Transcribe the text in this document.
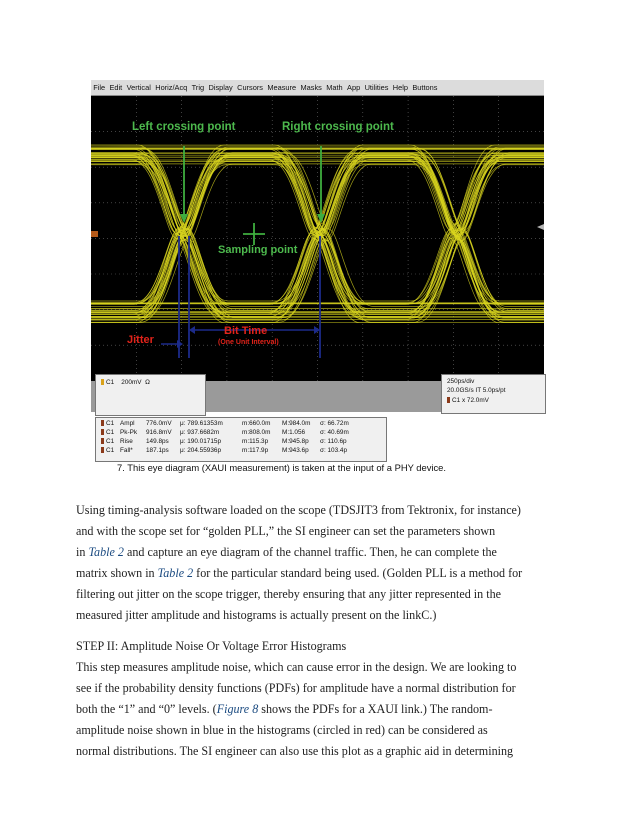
File Edit Vertical Horiz/Acq Trig Display Cursors Measure Masks Math App Utilities Help Buttons
Left crossing point	Right crossing point
Sampling point
Jitter
Bit Time
(One Unit Interval)
C1 200mV Ω	250ps/div
20.0GS/s IT 5.0ps/pt
C1 x 72.0mV
C1 Ampl 776.0mV μ: 789.61353m	m:660.0m M:984.0m σ: 66.72m
C1 Pk-Pk 916.8mV μ: 937.6682m	m:808.0m M:1.056 σ: 40.69m
C1 Rise 149.8ps μ: 190.01715p	m:115.3p M:945.8p σ: 110.6p
C1 Fall* 187.1ps μ: 204.55936p	m:117.9p M:943.6p σ: 103.4p
7. This eye diagram (XAUI measurement) is taken at the input of a PHY device.

Using timing-analysis software loaded on the scope (TDSJIT3 from Tektronix, for instance)
and with the scope set for “golden PLL,” the SI engineer can set the parameters shown
in Table 2 and capture an eye diagram of the channel traffic. Then, he can complete the
matrix shown in Table 2 for the particular standard being used. (Golden PLL is a method for
filtering out jitter on the scope trigger, thereby ensuring that any jitter represented in the
measured jitter amplitude and histograms is actually present on the linkC.)

STEP II: Amplitude Noise Or Voltage Error Histograms
This step measures amplitude noise, which can cause error in the design. We are looking to
see if the probability density functions (PDFs) for amplitude have a normal distribution for
both the “1” and “0” levels. (Figure 8 shows the PDFs for a XAUI link.) The random-
amplitude noise shown in blue in the histograms (circled in red) can be considered as
normal distributions. The SI engineer can also use this plot as a graphic aid in determining
